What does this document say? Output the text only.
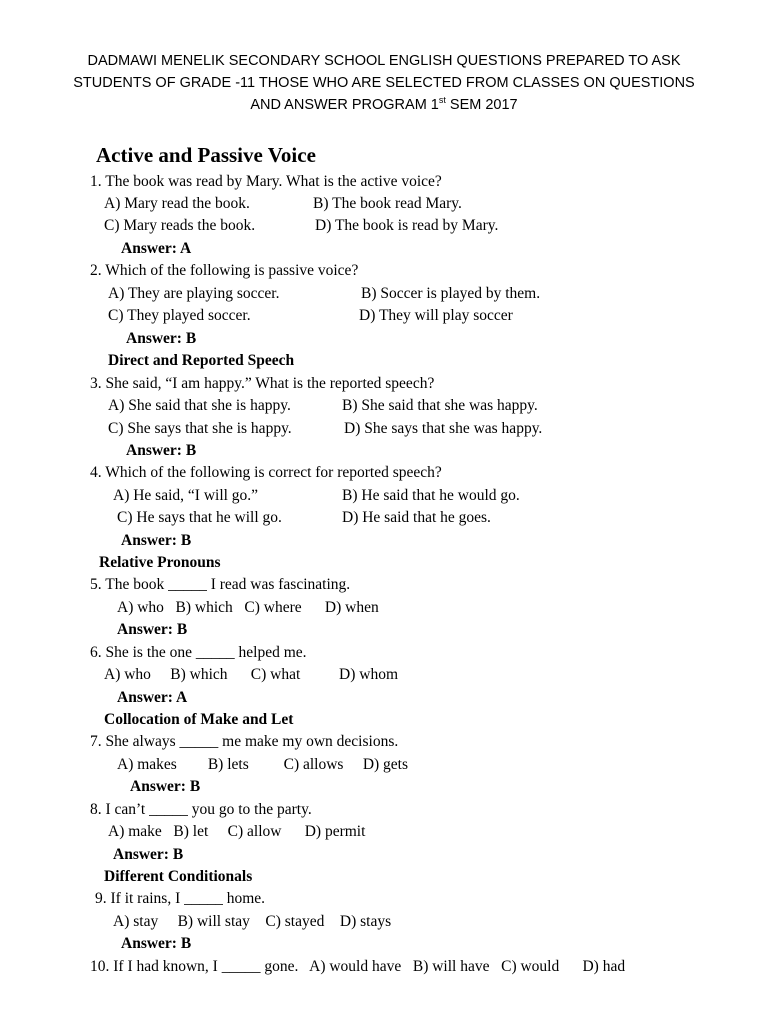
DADMAWI MENELIK SECONDARY SCHOOL ENGLISH QUESTIONS PREPARED TO ASK
STUDENTS OF GRADE -11 THOSE WHO ARE SELECTED FROM CLASSES ON QUESTIONS
AND ANSWER PROGRAM 1st SEM 2017
Active and Passive Voice
1. The book was read by Mary. What is the active voice?
A) Mary read the book.	B) The book read Mary.
C) Mary reads the book.	D) The book is read by Mary.
Answer: A
2. Which of the following is passive voice?
A) They are playing soccer.	B) Soccer is played by them.
C) They played soccer.	D) They will play soccer
Answer: B
Direct and Reported Speech
3. She said, “I am happy.” What is the reported speech?
A) She said that she is happy.	B) She said that she was happy.
C) She says that she is happy.	D) She says that she was happy.
Answer: B
4. Which of the following is correct for reported speech?
A) He said, “I will go.”	B) He said that he would go.
C) He says that he will go.	D) He said that he goes.
Answer: B
Relative Pronouns
5. The book _____ I read was fascinating.
A) who   B) which   C) where      D) when
Answer: B
6. She is the one _____ helped me.
A) who     B) which      C) what          D) whom
Answer: A
Collocation of Make and Let
7. She always _____ me make my own decisions.
A) makes        B) lets         C) allows     D) gets
Answer: B
8. I can’t _____ you go to the party.
A) make   B) let     C) allow      D) permit
Answer: B
Different Conditionals
9. If it rains, I _____ home.
A) stay     B) will stay    C) stayed    D) stays
Answer: B
10. If I had known, I _____ gone.   A) would have   B) will have   C) would      D) had
